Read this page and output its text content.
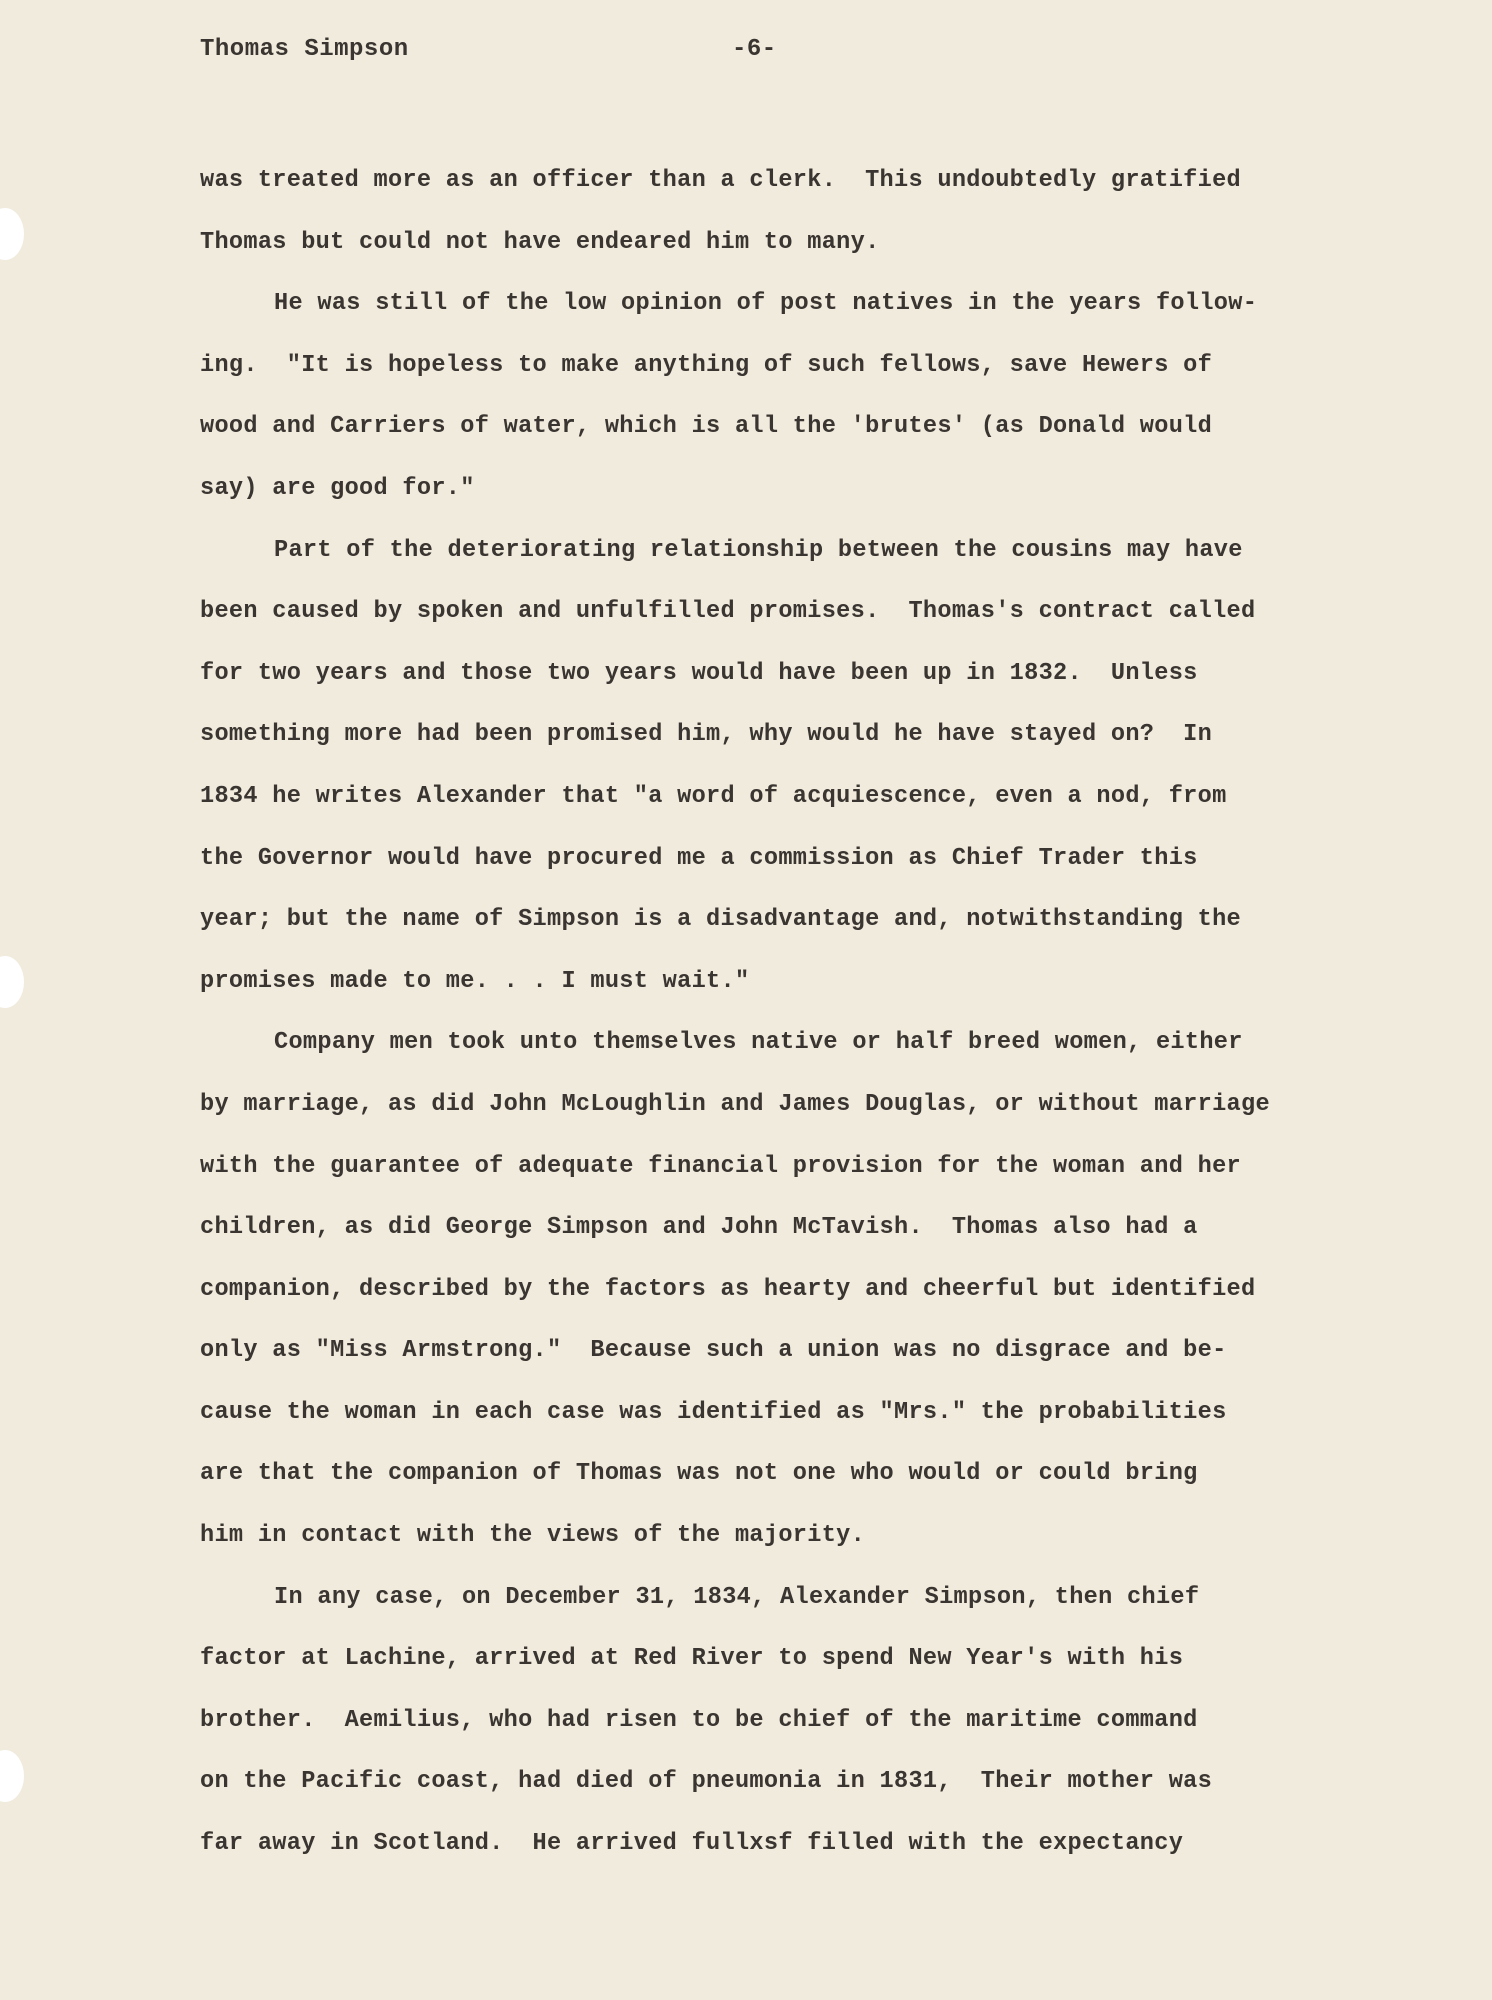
Thomas Simpson	-6-
was treated more as an officer than a clerk.  This undoubtedly gratified
Thomas but could not have endeared him to many.
He was still of the low opinion of post natives in the years follow-
ing.  "It is hopeless to make anything of such fellows, save Hewers of
wood and Carriers of water, which is all the 'brutes' (as Donald would
say) are good for."
Part of the deteriorating relationship between the cousins may have
been caused by spoken and unfulfilled promises.  Thomas's contract called
for two years and those two years would have been up in 1832.  Unless
something more had been promised him, why would he have stayed on?  In
1834 he writes Alexander that "a word of acquiescence, even a nod, from
the Governor would have procured me a commission as Chief Trader this
year; but the name of Simpson is a disadvantage and, notwithstanding the
promises made to me. . . I must wait."
Company men took unto themselves native or half breed women, either
by marriage, as did John McLoughlin and James Douglas, or without marriage
with the guarantee of adequate financial provision for the woman and her
children, as did George Simpson and John McTavish.  Thomas also had a
companion, described by the factors as hearty and cheerful but identified
only as "Miss Armstrong."  Because such a union was no disgrace and be-
cause the woman in each case was identified as "Mrs." the probabilities
are that the companion of Thomas was not one who would or could bring
him in contact with the views of the majority.
In any case, on December 31, 1834, Alexander Simpson, then chief
factor at Lachine, arrived at Red River to spend New Year's with his
brother.  Aemilius, who had risen to be chief of the maritime command
on the Pacific coast, had died of pneumonia in 1831,  Their mother was
far away in Scotland.  He arrived fullxsf filled with the expectancy
